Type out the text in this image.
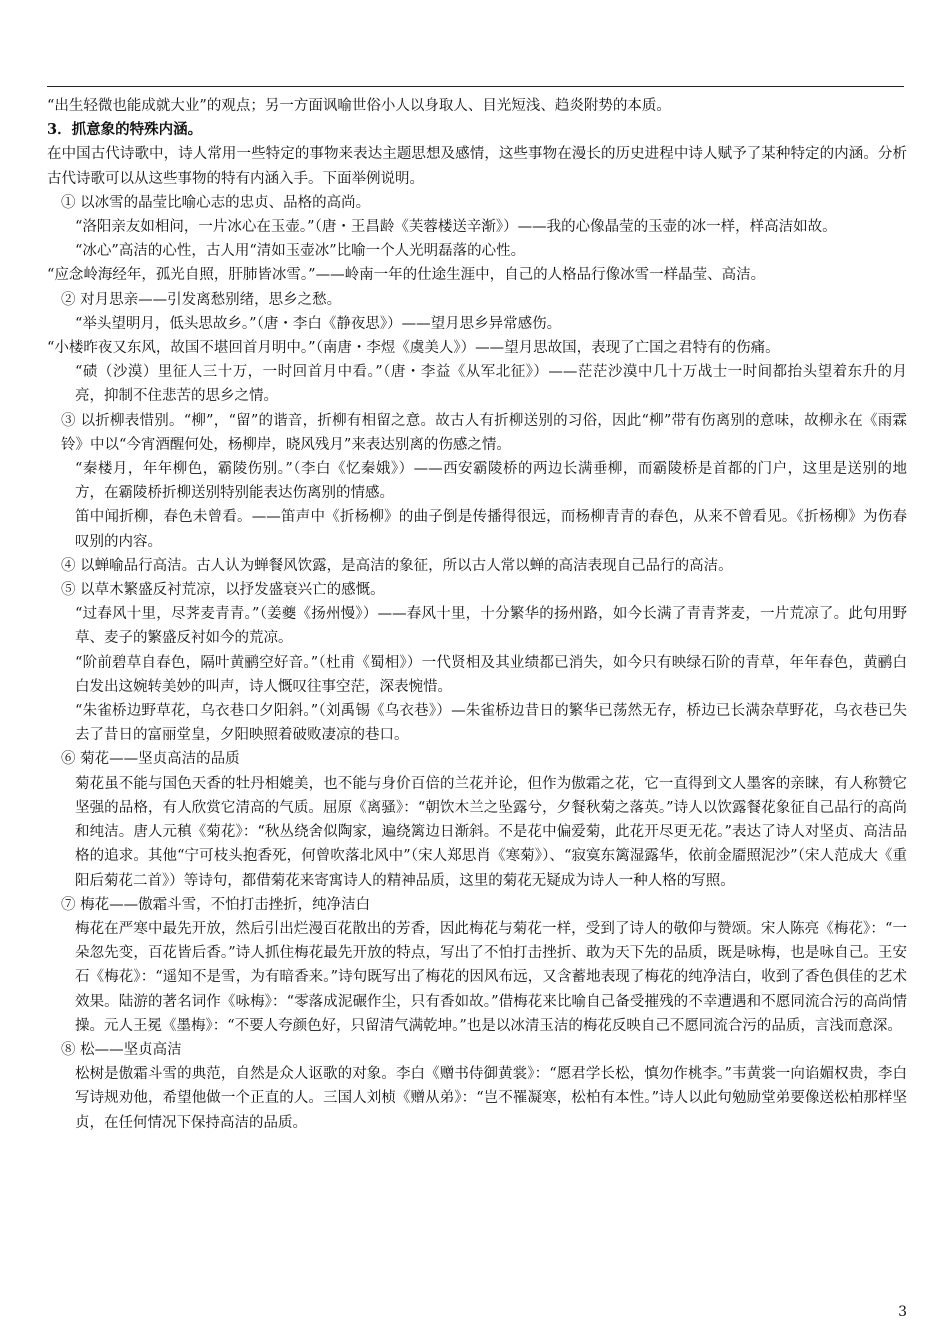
“出生轻微也能成就大业”的观点；另一方面讽喻世俗小人以身取人、目光短浅、趋炎附势的本质。

3．抓意象的特殊内涵。

在中国古代诗歌中，诗人常用一些特定的事物来表达主题思想及感情，这些事物在漫长的历史进程中诗人赋予了某种特定的内涵。分析古代诗歌可以从这些事物的特有内涵入手。下面举例说明。

① 以冰雪的晶莹比喻心志的忠贞、品格的高尚。

“洛阳亲友如相问，一片冰心在玉壶。”（唐・王昌龄《芙蓉楼送辛渐》）——我的心像晶莹的玉壶的冰一样，样高洁如故。

“冰心”高洁的心性，古人用“清如玉壶冰”比喻一个人光明磊落的心性。

“应念岭海经年，孤光自照，肝肺皆冰雪。”——岭南一年的仕途生涯中，自己的人格品行像冰雪一样晶莹、高洁。

② 对月思亲——引发离愁别绪，思乡之愁。

“举头望明月，低头思故乡。”（唐・李白《静夜思》）——望月思乡异常感伤。

“小楼昨夜又东风，故国不堪回首月明中。”（南唐・李煜《虞美人》）——望月思故国，表现了亡国之君特有的伤痛。

“碛（沙漠）里征人三十万，一时回首月中看。”（唐・李益《从军北征》）——茫茫沙漠中几十万战士一时间都抬头望着东升的月亮，抑制不住悲苦的思乡之情。

③ 以折柳表惜别。“柳”，“留”的谐音，折柳有相留之意。故古人有折柳送别的习俗，因此“柳”带有伤离别的意味，故柳永在《雨霖铃》中以“今宵酒醒何处，杨柳岸，晓风残月”来表达别离的伤感之情。

“秦楼月，年年柳色，霸陵伤别。”（李白《忆秦娥》）——西安霸陵桥的两边长满垂柳，而霸陵桥是首都的门户，这里是送别的地方，在霸陵桥折柳送别特别能表达伤离别的情感。

笛中闻折柳，春色未曾看。——笛声中《折杨柳》的曲子倒是传播得很远，而杨柳青青的春色，从来不曾看见。《折杨柳》为伤春叹别的内容。

④ 以蝉喻品行高洁。古人认为蝉餐风饮露，是高洁的象征，所以古人常以蝉的高洁表现自己品行的高洁。

⑤ 以草木繁盛反衬荒凉，以抒发盛衰兴亡的感慨。

“过春风十里，尽荠麦青青。”（姜夔《扬州慢》）——春风十里，十分繁华的扬州路，如今长满了青青荠麦，一片荒凉了。此句用野草、麦子的繁盛反衬如今的荒凉。

“阶前碧草自春色，隔叶黄鹂空好音。”（杜甫《蜀相》）一代贤相及其业绩都已消失，如今只有映绿石阶的青草，年年春色，黄鹂白白发出这婉转美妙的叫声，诗人慨叹往事空茫，深表惋惜。

“朱雀桥边野草花，乌衣巷口夕阳斜。”（刘禹锡《乌衣巷》）—朱雀桥边昔日的繁华已荡然无存，桥边已长满杂草野花，乌衣巷已失去了昔日的富丽堂皇，夕阳映照着破败凄凉的巷口。

⑥ 菊花——坚贞高洁的品质

菊花虽不能与国色天香的牡丹相媲美，也不能与身价百倍的兰花并论，但作为傲霜之花，它一直得到文人墨客的亲睐，有人称赞它坚强的品格，有人欣赏它清高的气质。屈原《离骚》：“朝饮木兰之坠露兮，夕餐秋菊之落英。”诗人以饮露餐花象征自己品行的高尚和纯洁。唐人元稹《菊花》：“秋丛绕舍似陶家，遍绕篱边日渐斜。不是花中偏爱菊，此花开尽更无花。”表达了诗人对坚贞、高洁品格的追求。其他“宁可枝头抱香死，何曾吹落北风中”（宋人郑思肖《寒菊》）、“寂寞东篱湿露华，依前金靥照泥沙”（宋人范成大《重阳后菊花二首》）等诗句，都借菊花来寄寓诗人的精神品质，这里的菊花无疑成为诗人一种人格的写照。

⑦ 梅花——傲霜斗雪，不怕打击挫折，纯净洁白

梅花在严寒中最先开放，然后引出烂漫百花散出的芳香，因此梅花与菊花一样，受到了诗人的敬仰与赞颂。宋人陈亮《梅花》：“一朵忽先变，百花皆后香。”诗人抓住梅花最先开放的特点，写出了不怕打击挫折、敢为天下先的品质，既是咏梅，也是咏自己。王安石《梅花》：“遥知不是雪，为有暗香来。”诗句既写出了梅花的因风布远，又含蓄地表现了梅花的纯净洁白，收到了香色俱佳的艺术效果。陆游的著名词作《咏梅》：“零落成泥碾作尘，只有香如故。”借梅花来比喻自己备受摧残的不幸遭遇和不愿同流合污的高尚情操。元人王冕《墨梅》：“不要人夸颜色好，只留清气满乾坤。”也是以冰清玉洁的梅花反映自己不愿同流合污的品质，言浅而意深。

⑧ 松——坚贞高洁

松树是傲霜斗雪的典范，自然是众人讴歌的对象。李白《赠书侍御黄裳》：“愿君学长松，慎勿作桃李。”韦黄裳一向谄媚权贵，李白写诗规劝他，希望他做一个正直的人。三国人刘桢《赠从弟》：“岂不罹凝寒，松柏有本性。”诗人以此句勉励堂弟要像送松柏那样坚贞，在任何情况下保持高洁的品质。

3
